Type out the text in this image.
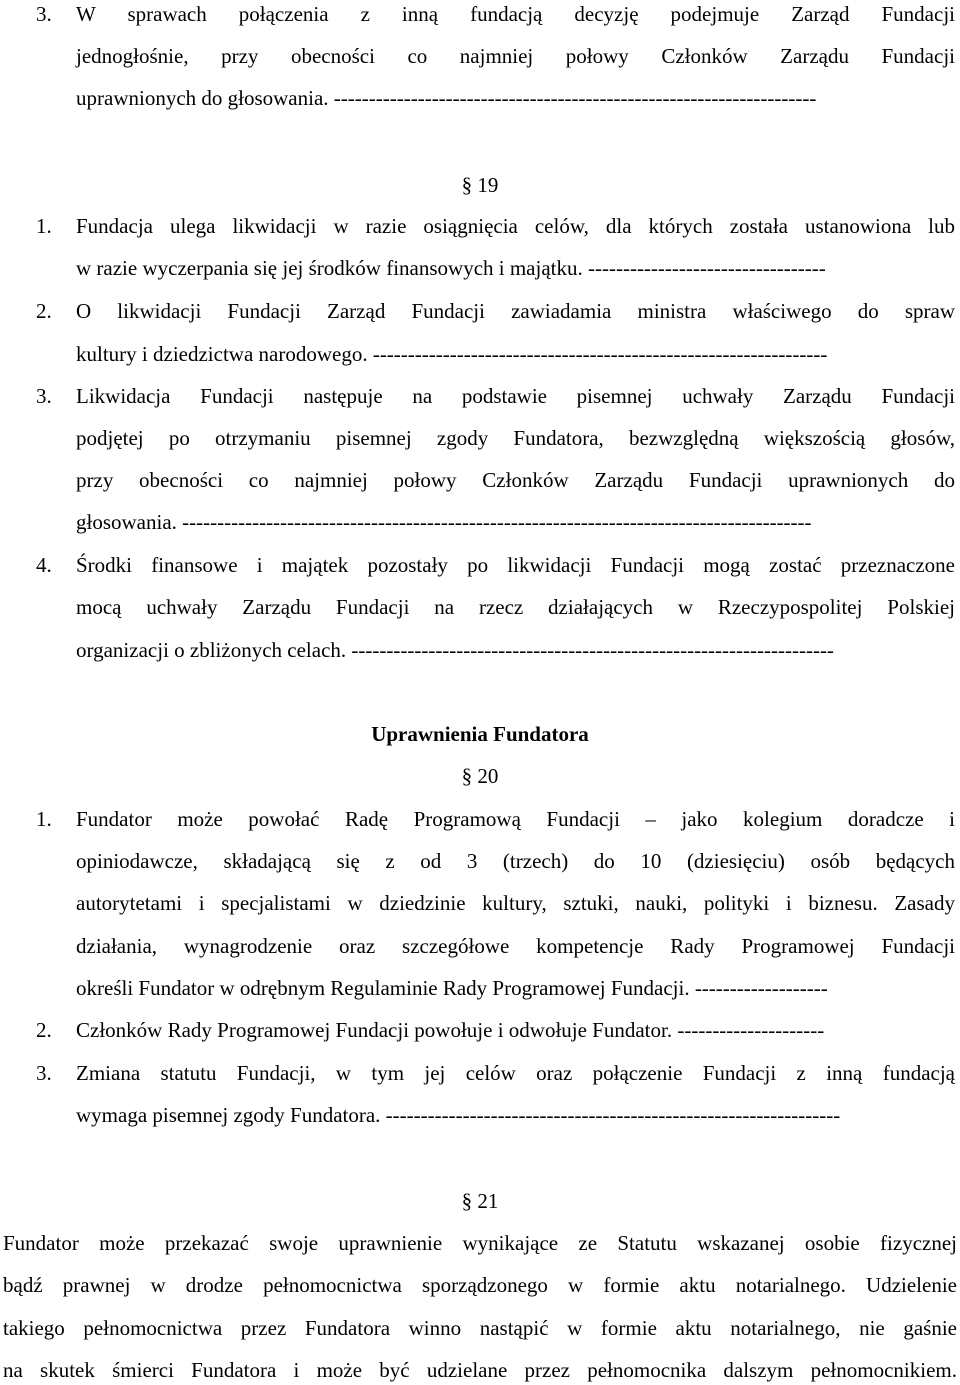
3. W sprawach połączenia z inną fundacją decyzję podejmuje Zarząd Fundacji
jednogłośnie, przy obecności co najmniej połowy Członków Zarządu Fundacji
uprawnionych do głosowania. ---------------------------------------------------------------------
§ 19
1. Fundacja ulega likwidacji w razie osiągnięcia celów, dla których została ustanowiona lub
w razie wyczerpania się jej środków finansowych i majątku. ----------------------------------
2. O likwidacji Fundacji Zarząd Fundacji zawiadamia ministra właściwego do spraw
kultury i dziedzictwa narodowego. -----------------------------------------------------------------
3. Likwidacja Fundacji następuje na podstawie pisemnej uchwały Zarządu Fundacji
podjętej po otrzymaniu pisemnej zgody Fundatora, bezwzględną większością głosów,
przy obecności co najmniej połowy Członków Zarządu Fundacji uprawnionych do
głosowania. ------------------------------------------------------------------------------------------
4. Środki finansowe i majątek pozostały po likwidacji Fundacji mogą zostać przeznaczone
mocą uchwały Zarządu Fundacji na rzecz działających w Rzeczypospolitej Polskiej
organizacji o zbliżonych celach. ---------------------------------------------------------------------
Uprawnienia Fundatora
§ 20
1. Fundator może powołać Radę Programową Fundacji – jako kolegium doradcze i
opiniodawcze, składającą się z od 3 (trzech) do 10 (dziesięciu) osób będących
autorytetami i specjalistami w dziedzinie kultury, sztuki, nauki, polityki i biznesu. Zasady
działania, wynagrodzenie oraz szczegółowe kompetencje Rady Programowej Fundacji
określi Fundator w odrębnym Regulaminie Rady Programowej Fundacji. -------------------
2. Członków Rady Programowej Fundacji powołuje i odwołuje Fundator. ---------------------
3. Zmiana statutu Fundacji, w tym jej celów oraz połączenie Fundacji z inną fundacją
wymaga pisemnej zgody Fundatora. -----------------------------------------------------------------
§ 21
Fundator może przekazać swoje uprawnienie wynikające ze Statutu wskazanej osobie fizycznej
bądź prawnej w drodze pełnomocnictwa sporządzonego w formie aktu notarialnego. Udzielenie
takiego pełnomocnictwa przez Fundatora winno nastąpić w formie aktu notarialnego, nie gaśnie
na skutek śmierci Fundatora i może być udzielane przez pełnomocnika dalszym pełnomocnikiem.
